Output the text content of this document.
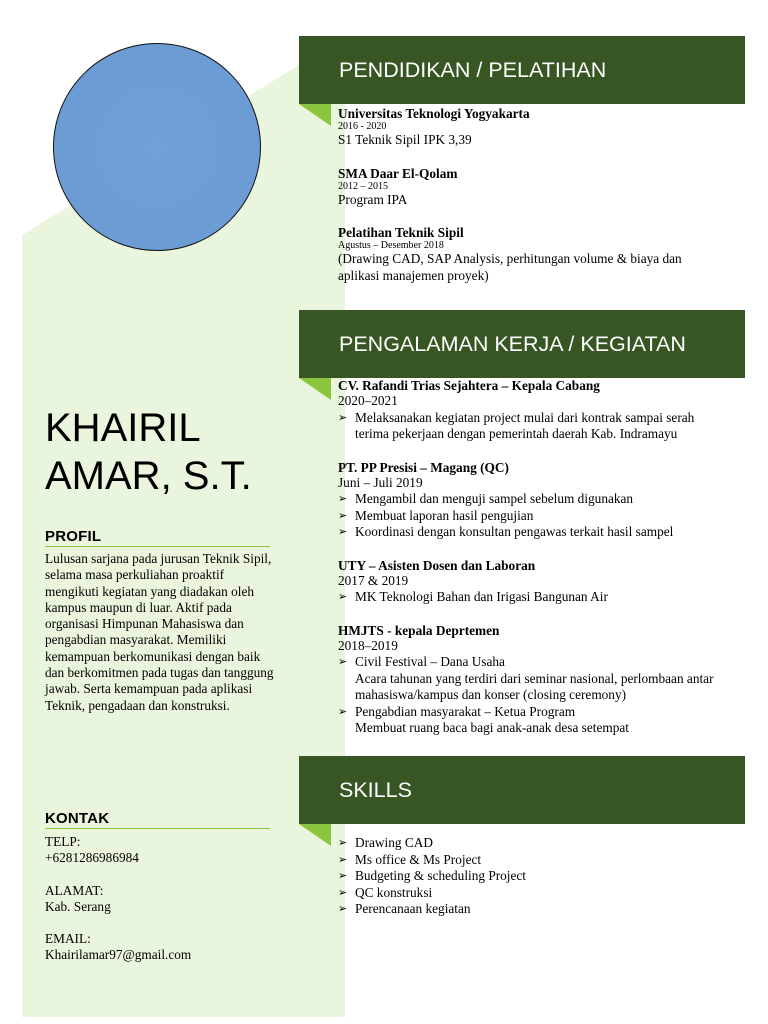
KHAIRIL
AMAR, S.T.
PROFIL
Lulusan sarjana pada jurusan Teknik Sipil, selama masa perkuliahan proaktif mengikuti kegiatan yang diadakan oleh kampus maupun di luar. Aktif pada organisasi Himpunan Mahasiswa dan pengabdian masyarakat. Memiliki kemampuan berkomunikasi dengan baik dan berkomitmen pada tugas dan tanggung jawab. Serta kemampuan pada aplikasi Teknik, pengadaan dan konstruksi.
KONTAK
TELP:
+6281286986984
ALAMAT:
Kab. Serang
EMAIL:
Khairilamar97@gmail.com
PENDIDIKAN / PELATIHAN
Universitas Teknologi Yogyakarta
2016 - 2020
S1 Teknik Sipil IPK 3,39
SMA Daar El-Qolam
2012 – 2015
Program IPA
Pelatihan Teknik Sipil
Agustus – Desember 2018
(Drawing CAD, SAP Analysis, perhitungan volume & biaya dan aplikasi manajemen proyek)
PENGALAMAN KERJA / KEGIATAN
CV. Rafandi Trias Sejahtera – Kepala Cabang
2020–2021
➢ Melaksanakan kegiatan project mulai dari kontrak sampai serah terima pekerjaan dengan pemerintah daerah Kab. Indramayu
PT. PP Presisi – Magang (QC)
Juni – Juli 2019
➢ Mengambil dan menguji sampel sebelum digunakan
➢ Membuat laporan hasil pengujian
➢ Koordinasi dengan konsultan pengawas terkait hasil sampel
UTY – Asisten Dosen dan Laboran
2017 & 2019
➢ MK Teknologi Bahan dan Irigasi Bangunan Air
HMJTS - kepala Deprtemen
2018–2019
➢ Civil Festival – Dana Usaha
Acara tahunan yang terdiri dari seminar nasional, perlombaan antar mahasiswa/kampus dan konser (closing ceremony)
➢ Pengabdian masyarakat – Ketua Program
Membuat ruang baca bagi anak-anak desa setempat
SKILLS
➢ Drawing CAD
➢ Ms office & Ms Project
➢ Budgeting & scheduling Project
➢ QC konstruksi
➢ Perencanaan kegiatan
